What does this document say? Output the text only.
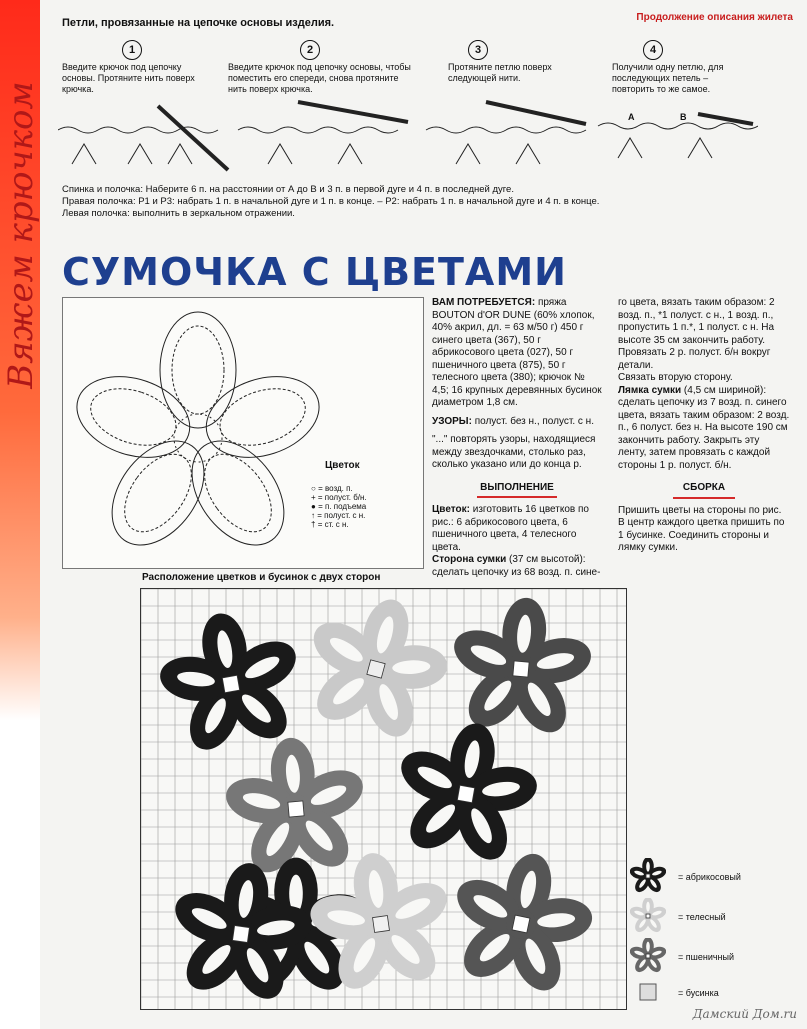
Вяжем крючком
Продолжение описания жилета
Петли, провязанные на цепочке основы изделия.
1
Введите крючок под цепочку основы. Протяните нить поверх крючка.
2
Введите крючок под цепочку основы, чтобы поместить его спереди, снова протяните нить поверх крючка.
3
Протяните петлю поверх следующей нити.
4
Получили одну петлю, для последующих петель – повторить то же самое.
A	B
Спинка и полочка: Наберите 6 п. на расстоянии от А до В и 3 п. в первой дуге и 4 п. в последней дуге.
Правая полочка: Р1 и Р3: набрать 1 п. в начальной дуге и 1 п. в конце. – Р2: набрать 1 п. в начальной дуге и 4 п. в конце.
Левая полочка: выполнить в зеркальном отражении.
СУМОЧКА С ЦВЕТАМИ
Цветок
○ = возд. п.
+ = полуст. б/н.
● = п. подъема
↑ = полуст. с н.
† = ст. с н.
ВАМ ПОТРЕБУЕТСЯ: пряжа BOUTON d'OR DUNE (60% хлопок, 40% акрил, дл. = 63 м/50 г) 450 г синего цвета (367), 50 г абрикосового цвета (027), 50 г пшеничного цвета (875), 50 г телесного цвета (380); крючок № 4,5; 16 крупных деревянных бусинок диаметром 1,8 см.
УЗОРЫ: полуст. без н., полуст. с н.
"..." повторять узоры, находящиеся между звездочками, столько раз, сколько указано или до конца р.
ВЫПОЛНЕНИЕ
Цветок: изготовить 16 цветков по рис.: 6 абрикосового цвета, 6 пшеничного цвета, 4 телесного цвета.
Сторона сумки (37 см высотой): сделать цепочку из 68 возд. п. сине-
го цвета, вязать таким образом: 2 возд. п., *1 полуст. с н., 1 возд. п., пропустить 1 п.*, 1 полуст. с н. На высоте 35 см закончить работу. Провязать 2 р. полуст. б/н вокруг детали.
Связать вторую сторону.
Лямка сумки (4,5 см шириной): сделать цепочку из 7 возд. п. синего цвета, вязать таким образом: 2 возд. п., 6 полуст. без н. На высоте 190 см закончить работу. Закрыть эту ленту, затем провязать с каждой стороны 1 р. полуст. б/н.
СБОРКА
Пришить цветы на стороны по рис. В центр каждого цветка пришить по 1 бусинке. Соединить стороны и лямку сумки.
Расположение цветков и бусинок с двух сторон
= абрикосовый
= телесный
= пшеничный
= бусинка
Дамский Дом.ru
